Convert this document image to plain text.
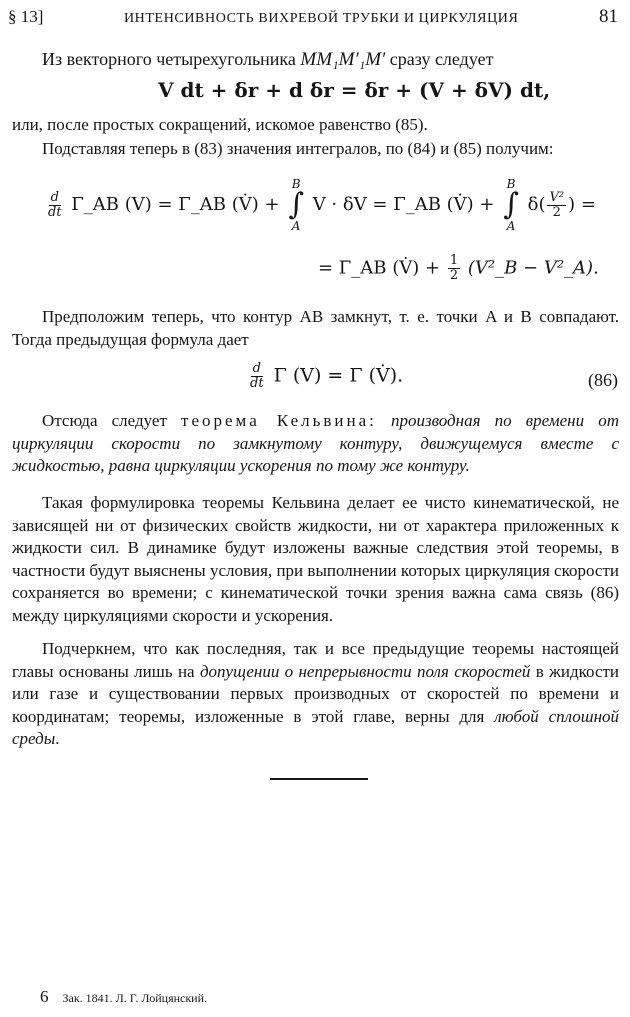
§ 13]	ИНТЕНСИВНОСТЬ ВИХРЕВОЙ ТРУБКИ И ЦИРКУЛЯЦИЯ	81
Из векторного четырехугольника MM₁M′₁M′ сразу следует
V dt + δr + d δr = δr + (V + δV) dt,
или, после простых сокращений, искомое равенство (85).
Подставляя теперь в (83) значения интегралов, по (84) и (85) получим:
$\frac{d}{dt}$ Γ_AB (V) = Γ_AB (V̇) +
B
∫
A
V · δV = Γ_AB (V̇) +
B
∫
A
$\delta( \frac{\text{V²}}{2}$ ) =
= Γ_AB (V̇) + $\frac{1}{2}$ (V²_B − V²_A).
Предположим теперь, что контур AB замкнут, т. е. точки A и B совпадают. Тогда предыдущая формула дает
$\frac{d}{dt}$ Γ (V) = Γ (V̇).	(86)
Отсюда следует теорема Кельвина: производная по времени от циркуляции скорости по замкнутому контуру, движущемуся вместе с жидкостью, равна циркуляции ускорения по тому же контуру.
Такая формулировка теоремы Кельвина делает ее чисто кинематической, не зависящей ни от физических свойств жидкости, ни от характера приложенных к жидкости сил. В динамике будут изложены важные следствия этой теоремы, в частности будут выяснены условия, при выполнении которых циркуляция скорости сохраняется во времени; с кинематической точки зрения важна сама связь (86) между циркуляциями скорости и ускорения.
Подчеркнем, что как последняя, так и все предыдущие теоремы настоящей главы основаны лишь на допущении о непрерывности поля скоростей в жидкости или газе и существовании первых производных от скоростей по времени и координатам; теоремы, изложенные в этой главе, верны для любой сплошной среды.
6 Зак. 1841. Л. Г. Лойцянский.
